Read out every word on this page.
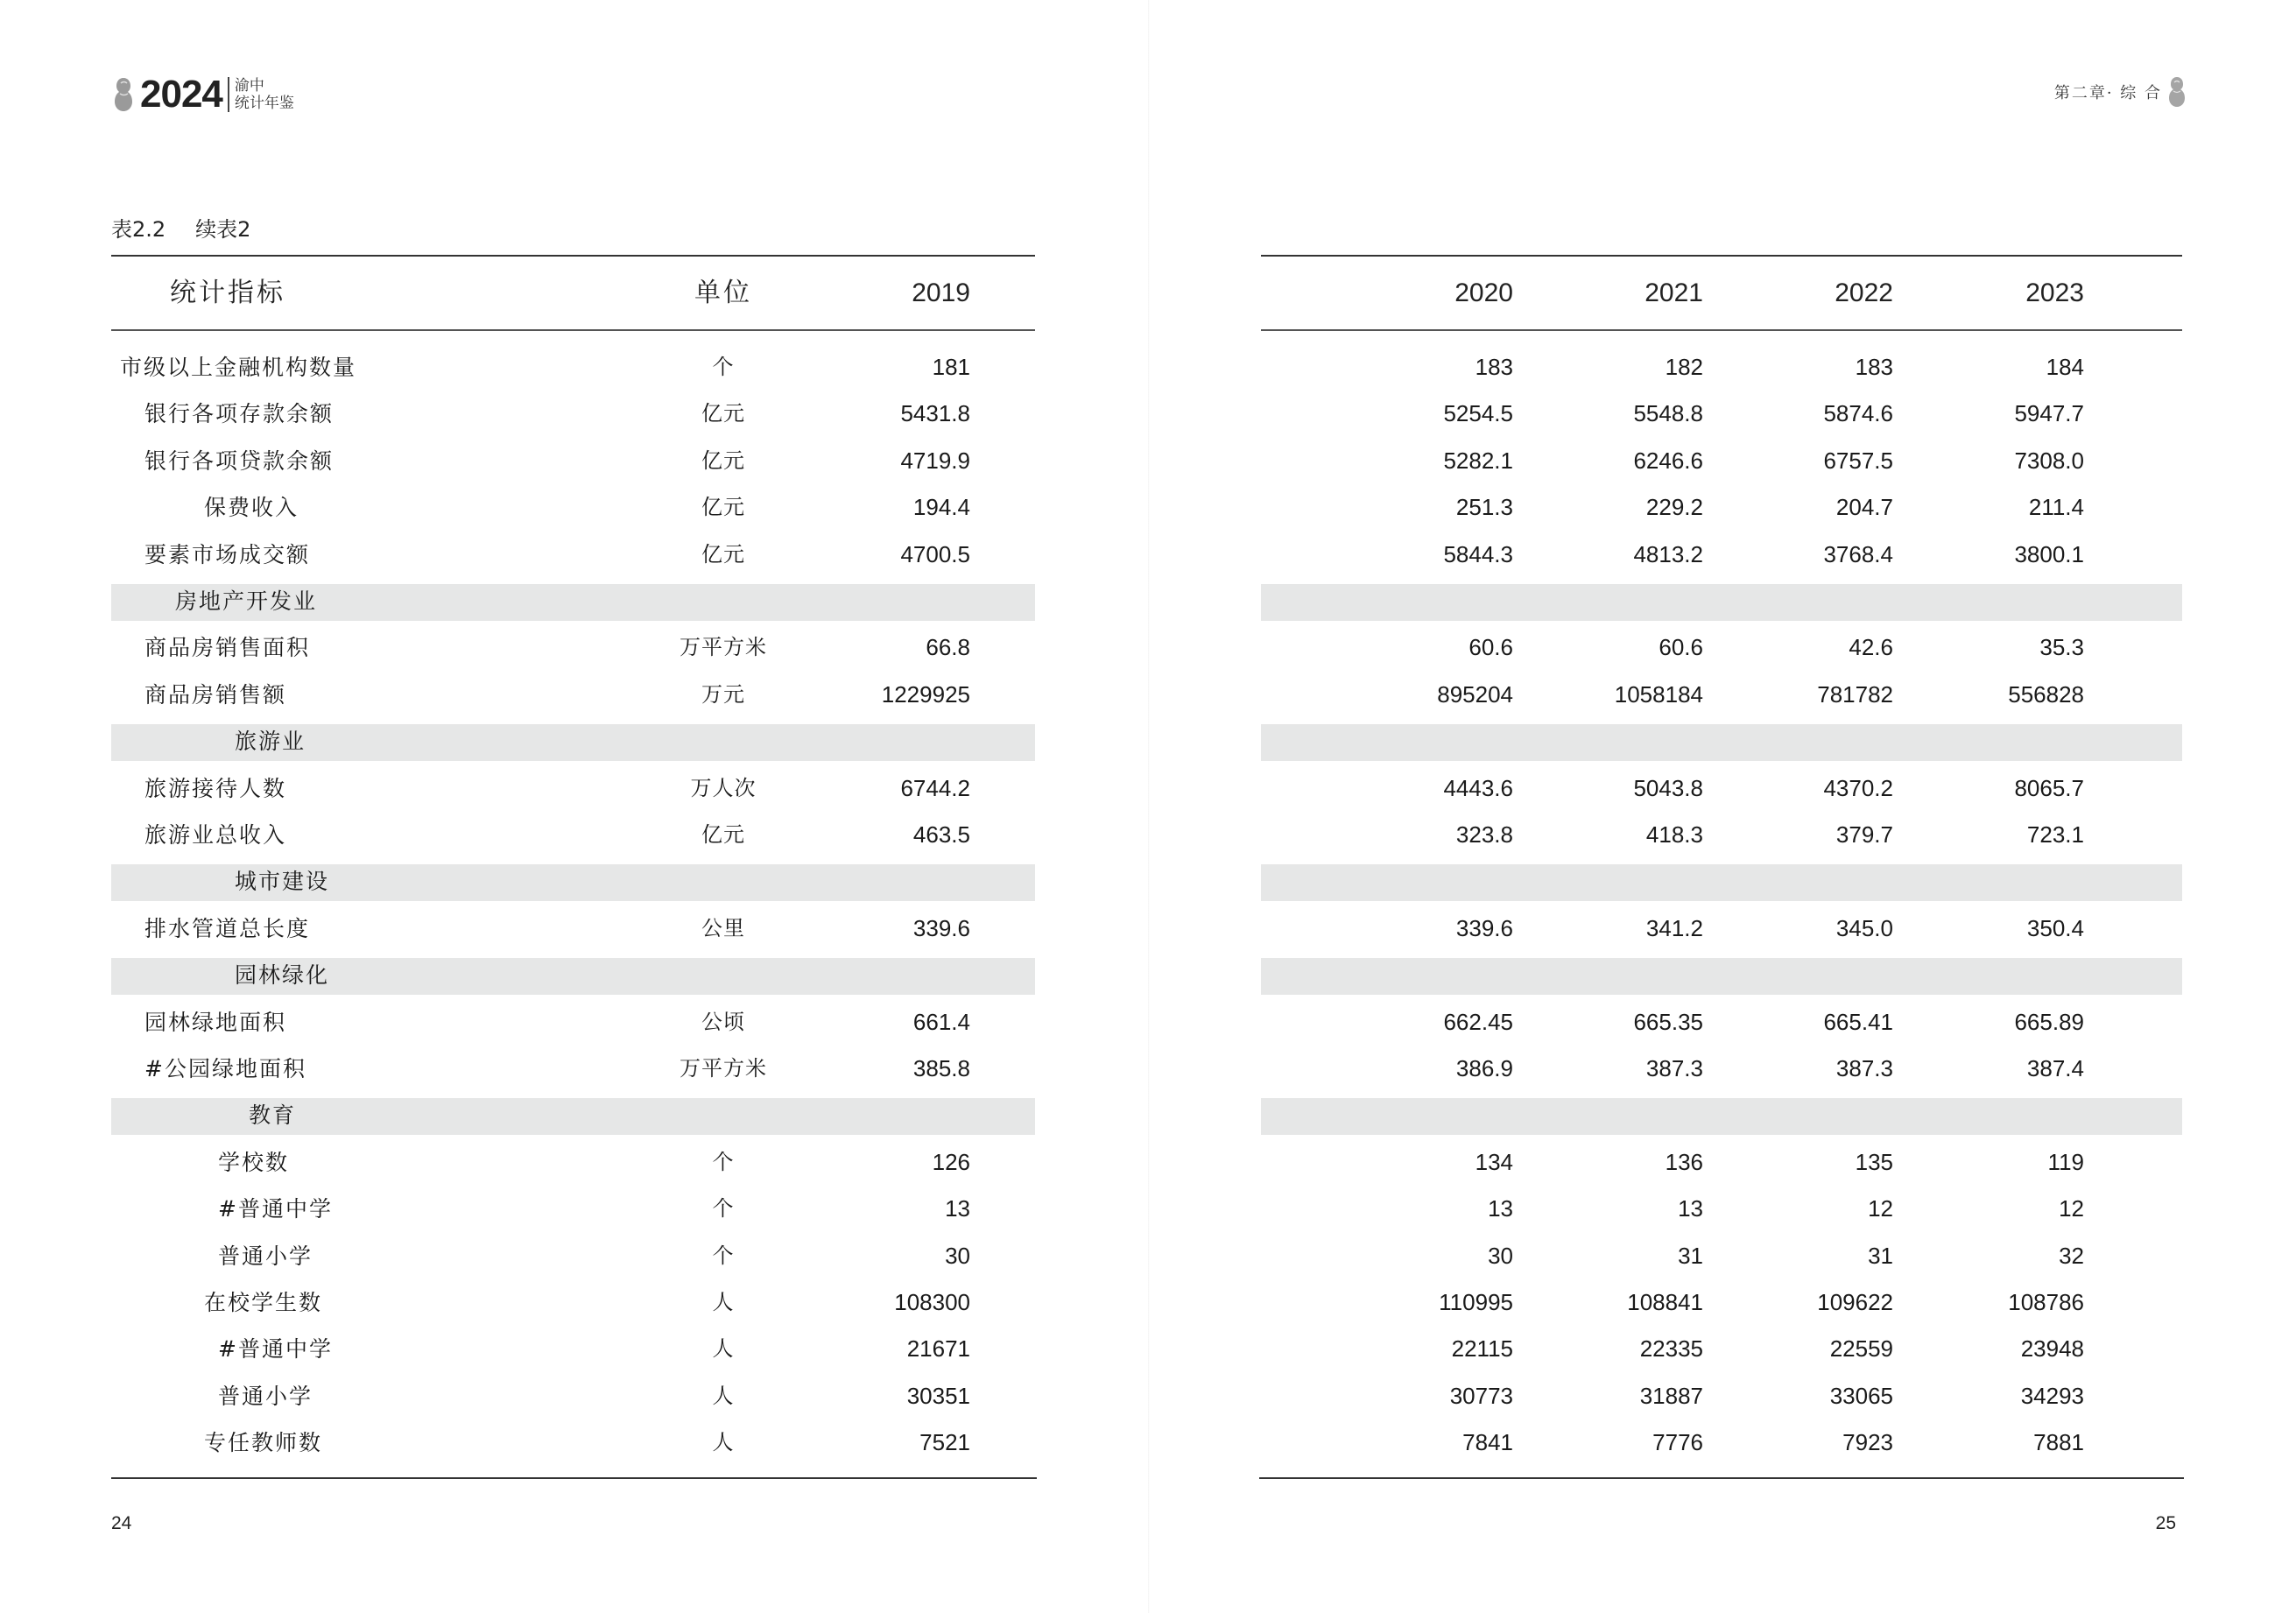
2024 渝中
统计年鉴
第二章· 综 合
表2.2 续表2
统计指标	单位	2019	2020	2021	2022	2023
市级以上金融机构数量	个	181	183	182	183	184
银行各项存款余额	亿元	5431.8	5254.5	5548.8	5874.6	5947.7
银行各项贷款余额	亿元	4719.9	5282.1	6246.6	6757.5	7308.0
保费收入	亿元	194.4	251.3	229.2	204.7	211.4
要素市场成交额	亿元	4700.5	5844.3	4813.2	3768.4	3800.1
房地产开发业
商品房销售面积	万平方米	66.8	60.6	60.6	42.6	35.3
商品房销售额	万元	1229925	895204	1058184	781782	556828
旅游业
旅游接待人数	万人次	6744.2	4443.6	5043.8	4370.2	8065.7
旅游业总收入	亿元	463.5	323.8	418.3	379.7	723.1
城市建设
排水管道总长度	公里	339.6	339.6	341.2	345.0	350.4
园林绿化
园林绿地面积	公顷	661.4	662.45	665.35	665.41	665.89
#公园绿地面积	万平方米	385.8	386.9	387.3	387.3	387.4
教育
学校数	个	126	134	136	135	119
#普通中学	个	13	13	13	12	12
普通小学	个	30	30	31	31	32
在校学生数	人	108300	110995	108841	109622	108786
#普通中学	人	21671	22115	22335	22559	23948
普通小学	人	30351	30773	31887	33065	34293
专任教师数	人	7521	7841	7776	7923	7881
24	25
